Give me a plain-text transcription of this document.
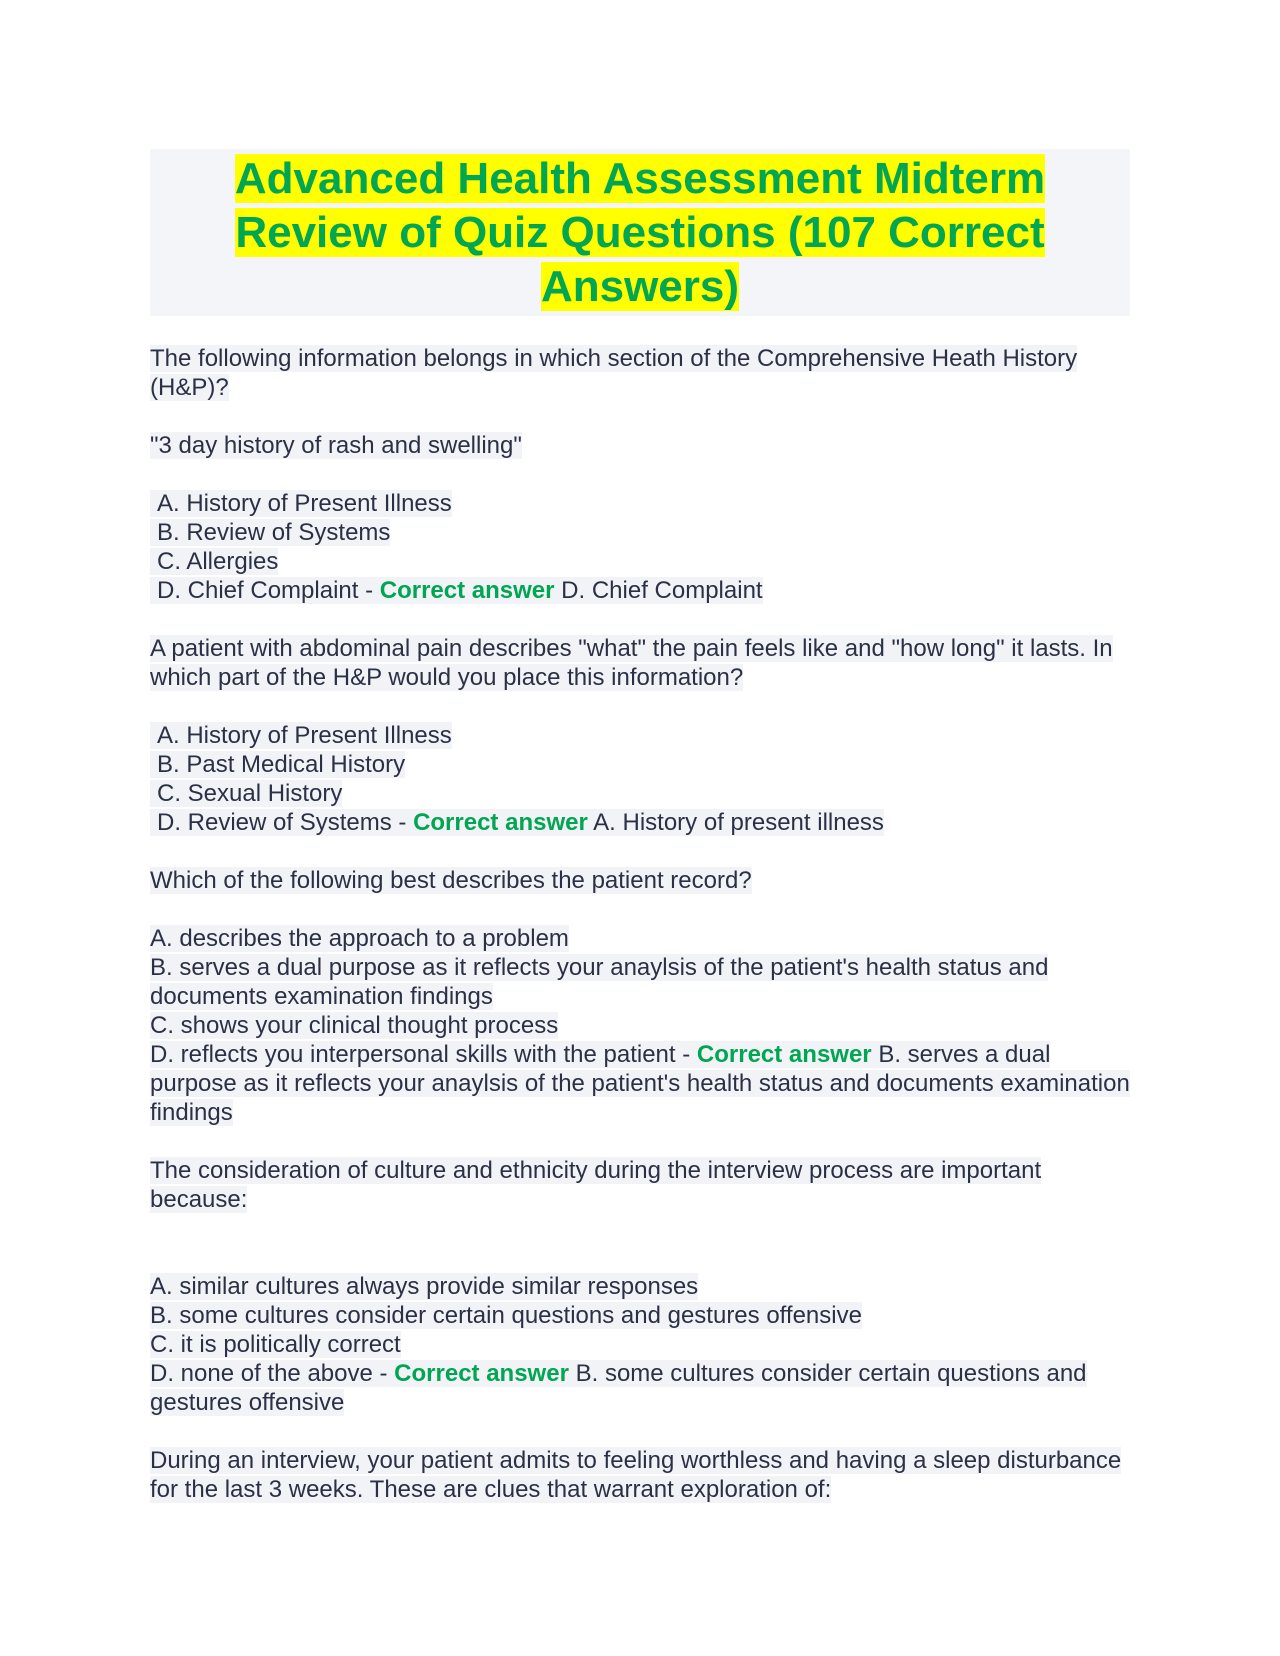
Advanced Health Assessment Midterm Review of Quiz Questions (107 Correct Answers)
The following information belongs in which section of the Comprehensive Heath History (H&P)?
"3 day history of rash and swelling"
A. History of Present Illness
B. Review of Systems
C. Allergies
D. Chief Complaint - Correct answer D. Chief Complaint
A patient with abdominal pain describes "what" the pain feels like and "how long" it lasts. In which part of the H&P would you place this information?
A. History of Present Illness
B. Past Medical History
C. Sexual History
D. Review of Systems - Correct answer A. History of present illness
Which of the following best describes the patient record?
A. describes the approach to a problem
B. serves a dual purpose as it reflects your anaylsis of the patient's health status and documents examination findings
C. shows your clinical thought process
D. reflects you interpersonal skills with the patient - Correct answer B. serves a dual purpose as it reflects your anaylsis of the patient's health status and documents examination findings
The consideration of culture and ethnicity during the interview process are important because:
A. similar cultures always provide similar responses
B. some cultures consider certain questions and gestures offensive
C. it is politically correct
D. none of the above - Correct answer B. some cultures consider certain questions and gestures offensive
During an interview, your patient admits to feeling worthless and having a sleep disturbance for the last 3 weeks. These are clues that warrant exploration of:
